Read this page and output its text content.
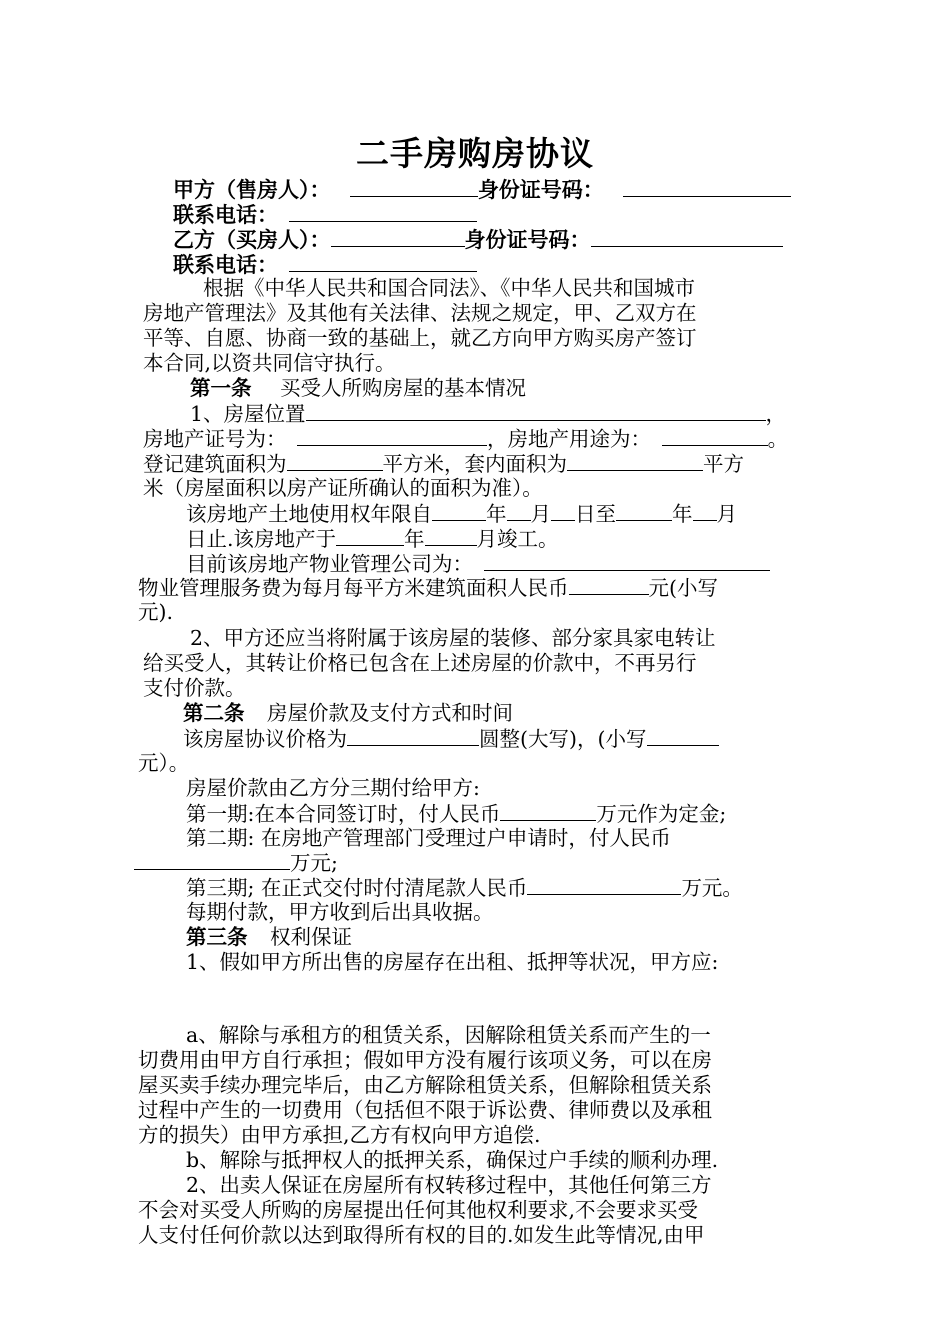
二手房购房协议
甲方（售房人）：	身份证号码：
联系电话：
乙方（买房人）：	身份证号码：
联系电话：
根据《中华人民共和国合同法》、《中华人民共和国城市
房地产管理法》及其他有关法律、法规之规定，甲、乙双方在
平等、自愿、协商一致的基础上，就乙方向甲方购买房产签订
本合同,以资共同信守执行。
第一条 买受人所购房屋的基本情况
1、房屋位置	，
房地产证号为：	，房地产用途为：	。
登记建筑面积为	平方米，套内面积为	平方
米（房屋面积以房产证所确认的面积为准）。
该房地产土地使用权年限自	年 月 日至	年 月
日止.该房地产于	年	月竣工。
目前该房地产物业管理公司为：
物业管理服务费为每月每平方米建筑面积人民币	元(小写
元).
2、甲方还应当将附属于该房屋的装修、部分家具家电转让
给买受人，其转让价格已包含在上述房屋的价款中，不再另行
支付价款。
第二条 房屋价款及支付方式和时间
该房屋协议价格为	圆整(大写)，(小写
元）。
房屋价款由乙方分三期付给甲方:
第一期:在本合同签订时，付人民币	万元作为定金;
第二期: 在房地产管理部门受理过户申请时，付人民币
万元;
第三期; 在正式交付时付清尾款人民币	万元。
每期付款，甲方收到后出具收据。
第三条 权利保证
1、假如甲方所出售的房屋存在出租、抵押等状况，甲方应:
a、解除与承租方的租赁关系，因解除租赁关系而产生的一
切费用由甲方自行承担；假如甲方没有履行该项义务，可以在房
屋买卖手续办理完毕后，由乙方解除租赁关系，但解除租赁关系
过程中产生的一切费用（包括但不限于诉讼费、律师费以及承租
方的损失）由甲方承担,乙方有权向甲方追偿.
b、解除与抵押权人的抵押关系，确保过户手续的顺利办理.
2、出卖人保证在房屋所有权转移过程中，其他任何第三方
不会对买受人所购的房屋提出任何其他权利要求,不会要求买受
人支付任何价款以达到取得所有权的目的.如发生此等情况,由甲
